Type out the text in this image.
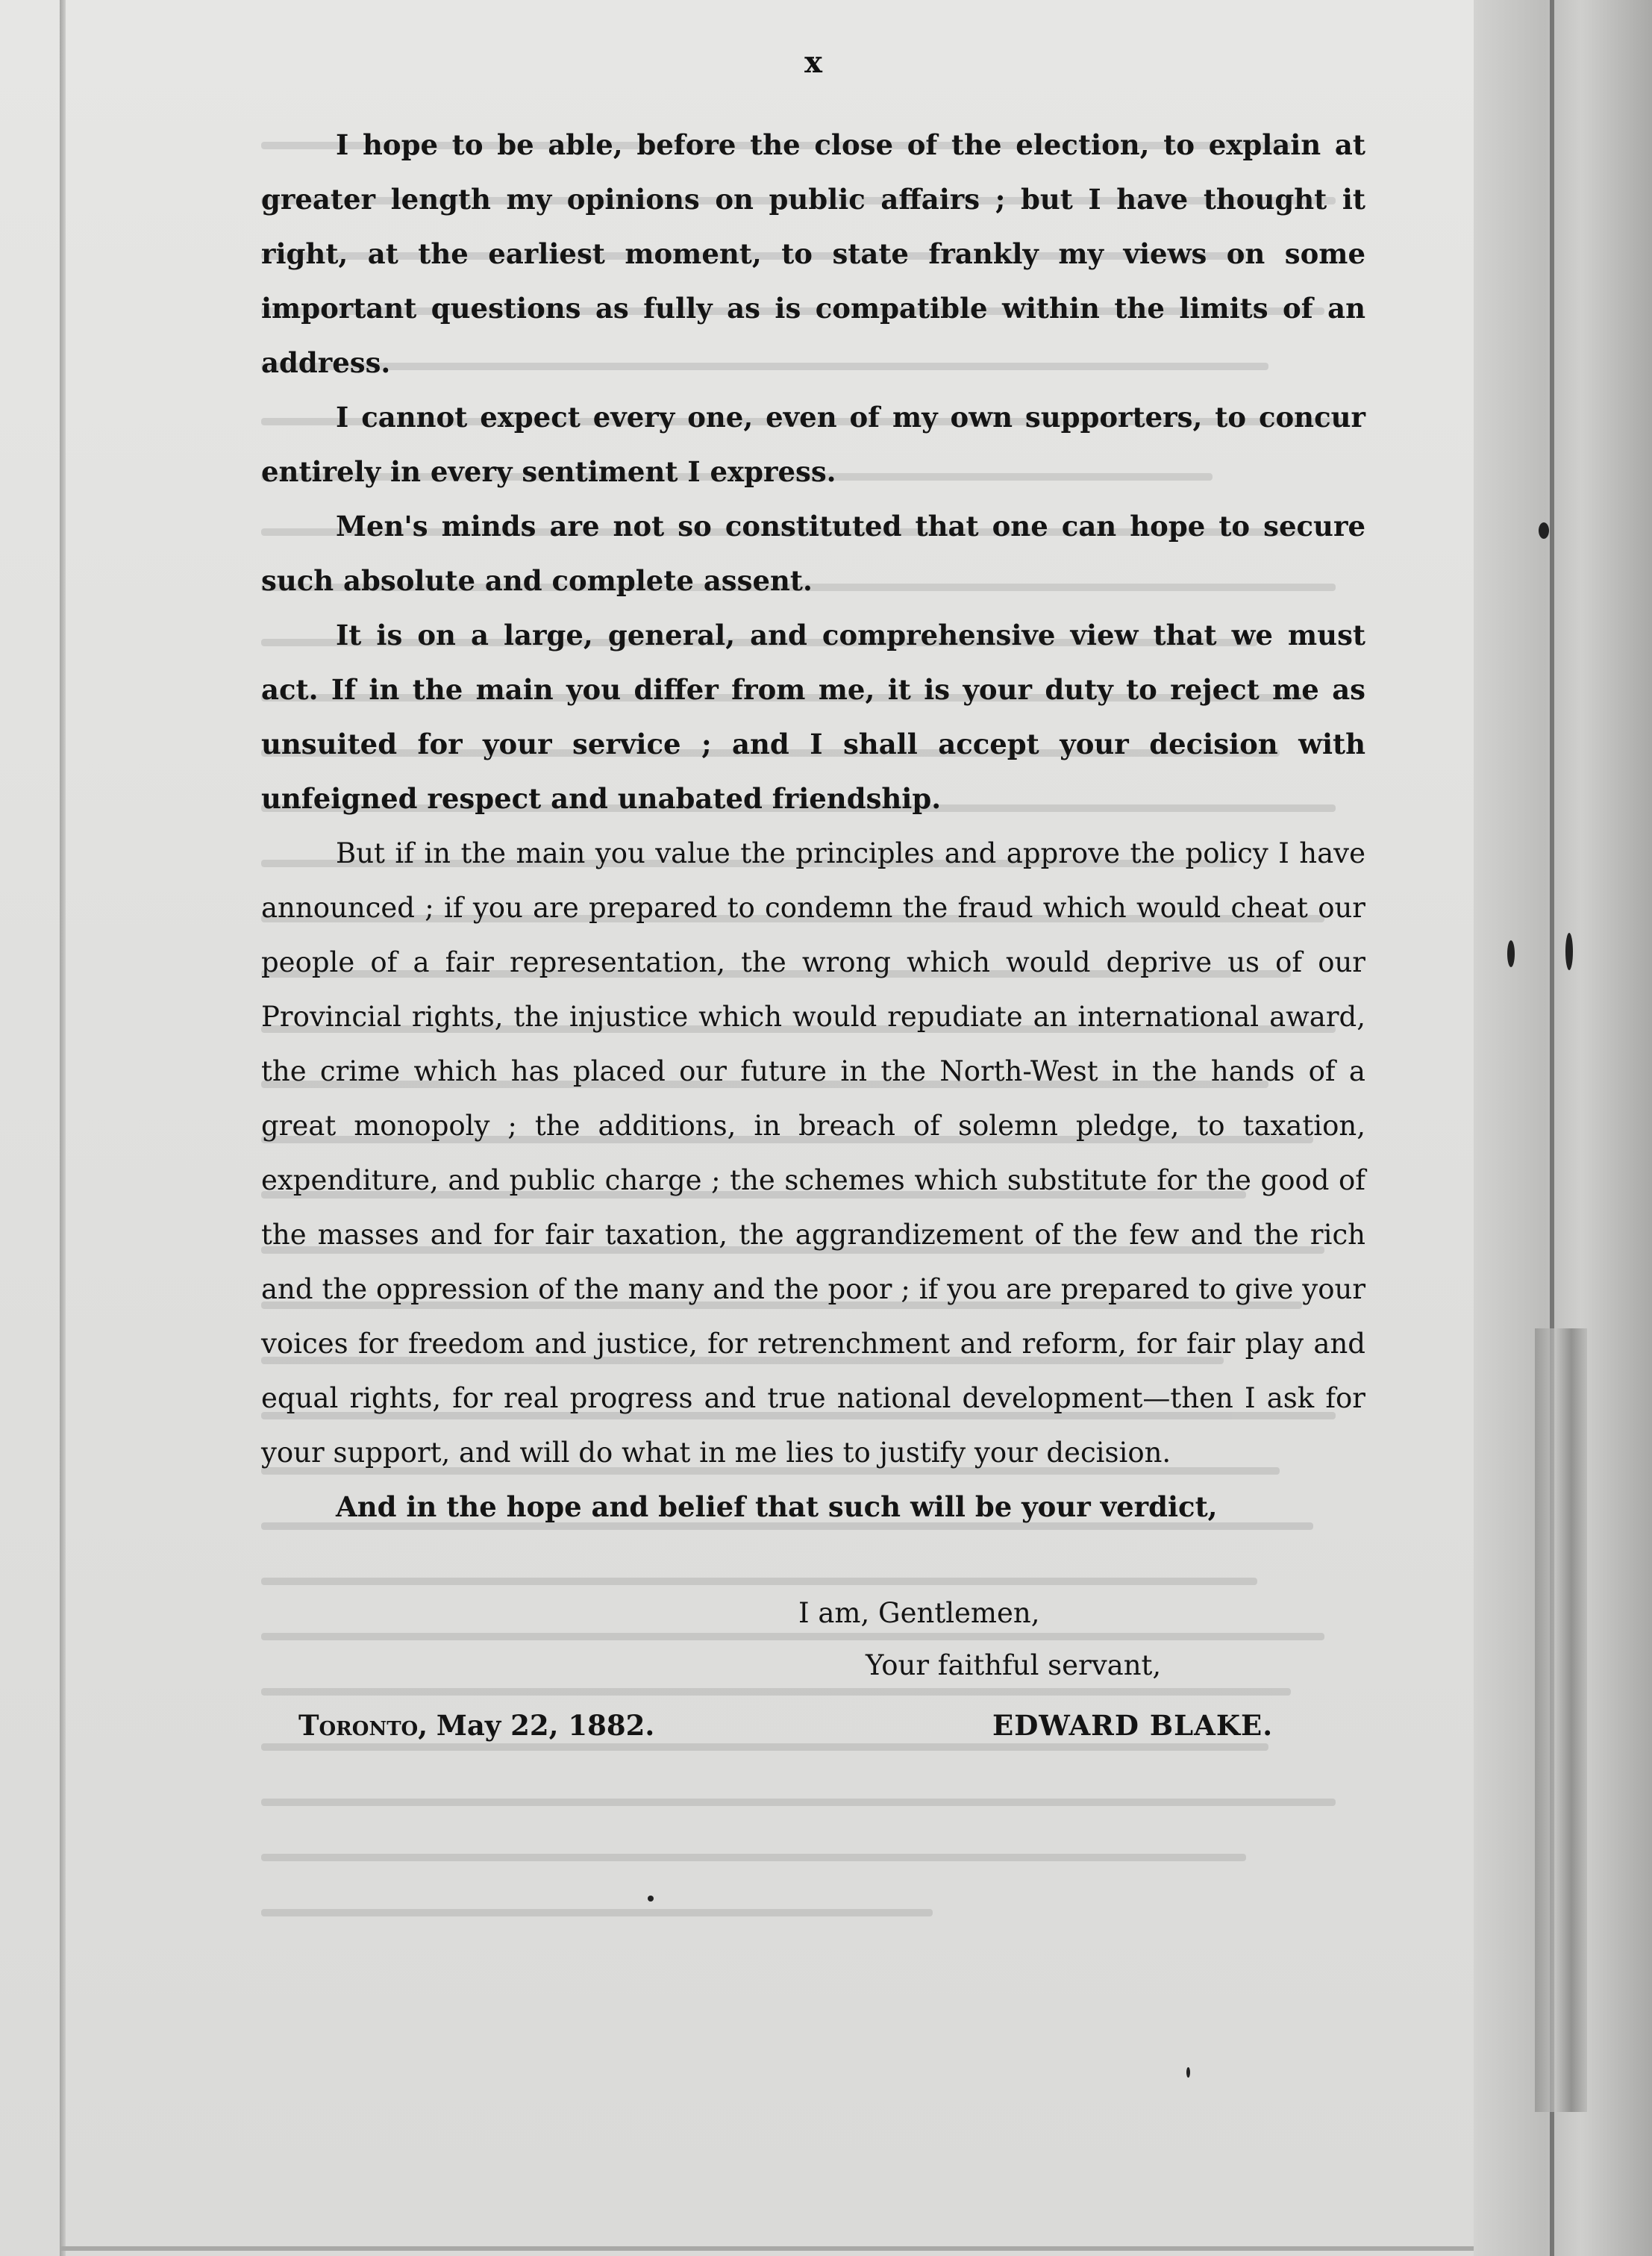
x

I hope to be able, before the close of the election, to explain at greater length my opinions on public affairs ; but I have thought it right, at the earliest moment, to state frankly my views on some important questions as fully as is compatible within the limits of an address.

I cannot expect every one, even of my own supporters, to concur entirely in every sentiment I express.

Men's minds are not so constituted that one can hope to secure such absolute and complete assent.

It is on a large, general, and comprehensive view that we must act. If in the main you differ from me, it is your duty to reject me as unsuited for your service ; and I shall accept your decision with unfeigned respect and unabated friendship.

But if in the main you value the principles and approve the policy I have announced ; if you are prepared to condemn the fraud which would cheat our people of a fair representation, the wrong which would deprive us of our Provincial rights, the injustice which would repudiate an international award, the crime which has placed our future in the North-West in the hands of a great monopoly ; the additions, in breach of solemn pledge, to taxation, expenditure, and public charge ; the schemes which substitute for the good of the masses and for fair taxation, the aggrandizement of the few and the rich and the oppression of the many and the poor ; if you are prepared to give your voices for freedom and justice, for retrenchment and reform, for fair play and equal rights, for real progress and true national development—then I ask for your support, and will do what in me lies to justify your decision.

And in the hope and belief that such will be your verdict,

I am, Gentlemen,
Your faithful servant,
Toronto, May 22, 1882.	EDWARD BLAKE.
